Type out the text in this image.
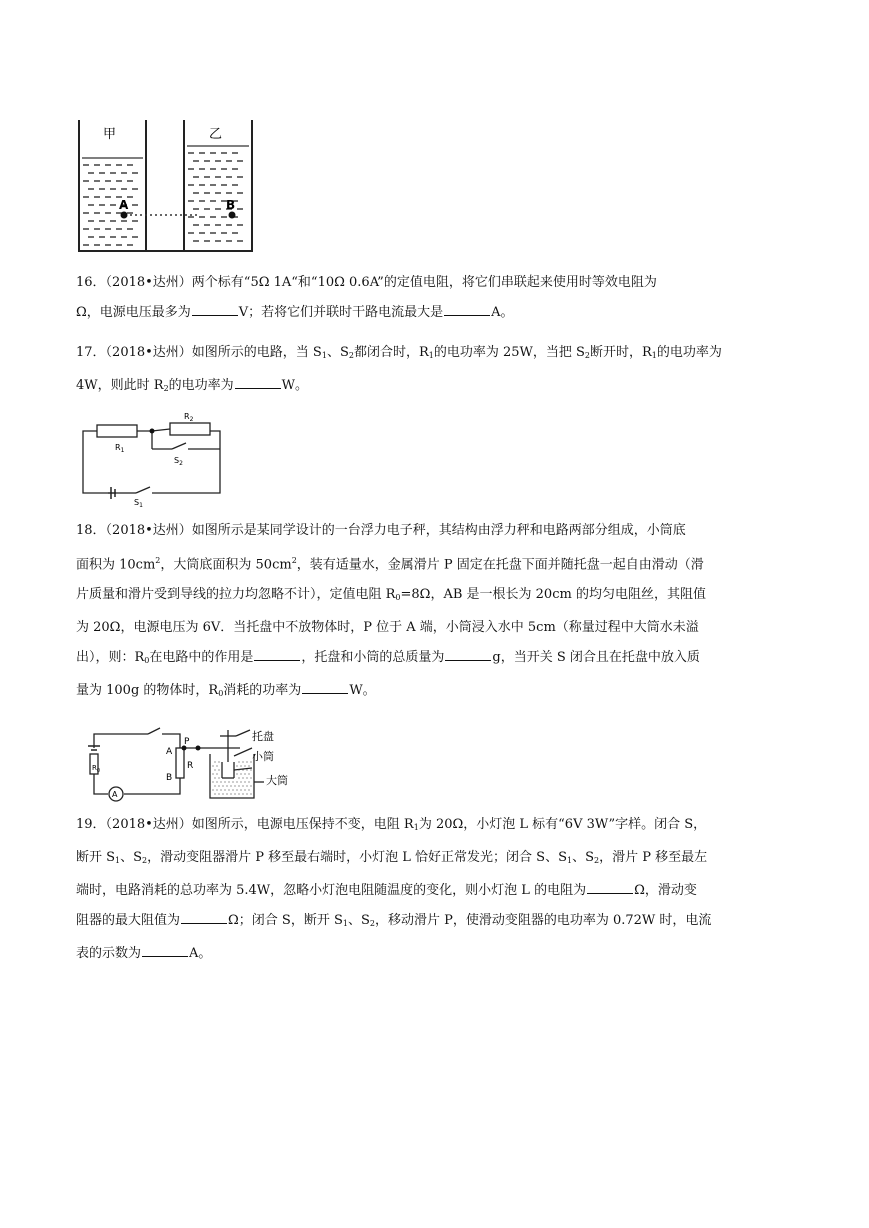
甲	乙
A	B

16．（2018•达州）两个标有“5Ω 1A“和“10Ω 0.6A”的定值电阻，将它们串联起来使用时等效电阻为
Ω，电源电压最多为	V；若将它们并联时干路电流最大是	A。

17．（2018•达州）如图所示的电路，当 $S_1$、$S_2$都闭合时，$R_1$的电功率为 25W，当把 $S_2$断开时，$R_1$的电功率为
4W，则此时 $R_2$的电功率为	W。

$R_1$
$R_2$
$S_2$
$S_1$

18．（2018•达州）如图所示是某同学设计的一台浮力电子秤，其结构由浮力秤和电路两部分组成，小筒底
面积为 $10cm^2$，大筒底面积为 $50cm^2$，装有适量水，金属滑片 P 固定在托盘下面并随托盘一起自由滑动（滑
片质量和滑片受到导线的拉力均忽略不计），定值电阻 $R_0=8\Omega$，AB 是一根长为 20cm 的均匀电阻丝，其阻值
为 20Ω，电源电压为 6V．当托盘中不放物体时，P 位于 A 端，小筒浸入水中 5cm（称量过程中大筒水未溢
出），则：$R_0$在电路中的作用是	，托盘和小筒的总质量为	g，当开关 S 闭合且在托盘中放入质
量为 100g 的物体时，$R_0$消耗的功率为	W。

A
$R_0$
A
B
P
R
托盘
小筒
大筒

19．（2018•达州）如图所示，电源电压保持不变，电阻 $R_1$为 20Ω，小灯泡 L 标有“6V 3W”字样。闭合 S，
断开 $S_1$、$S_2$，滑动变阻器滑片 P 移至最右端时，小灯泡 L 恰好正常发光；闭合 S、$S_1$、$S_2$，滑片 P 移至最左
端时，电路消耗的总功率为 5.4W，忽略小灯泡电阻随温度的变化，则小灯泡 L 的电阻为	Ω，滑动变
阻器的最大阻值为	Ω；闭合 S，断开 $S_1$、$S_2$，移动滑片 P，使滑动变阻器的电功率为 0.72W 时，电流
表的示数为	A。
